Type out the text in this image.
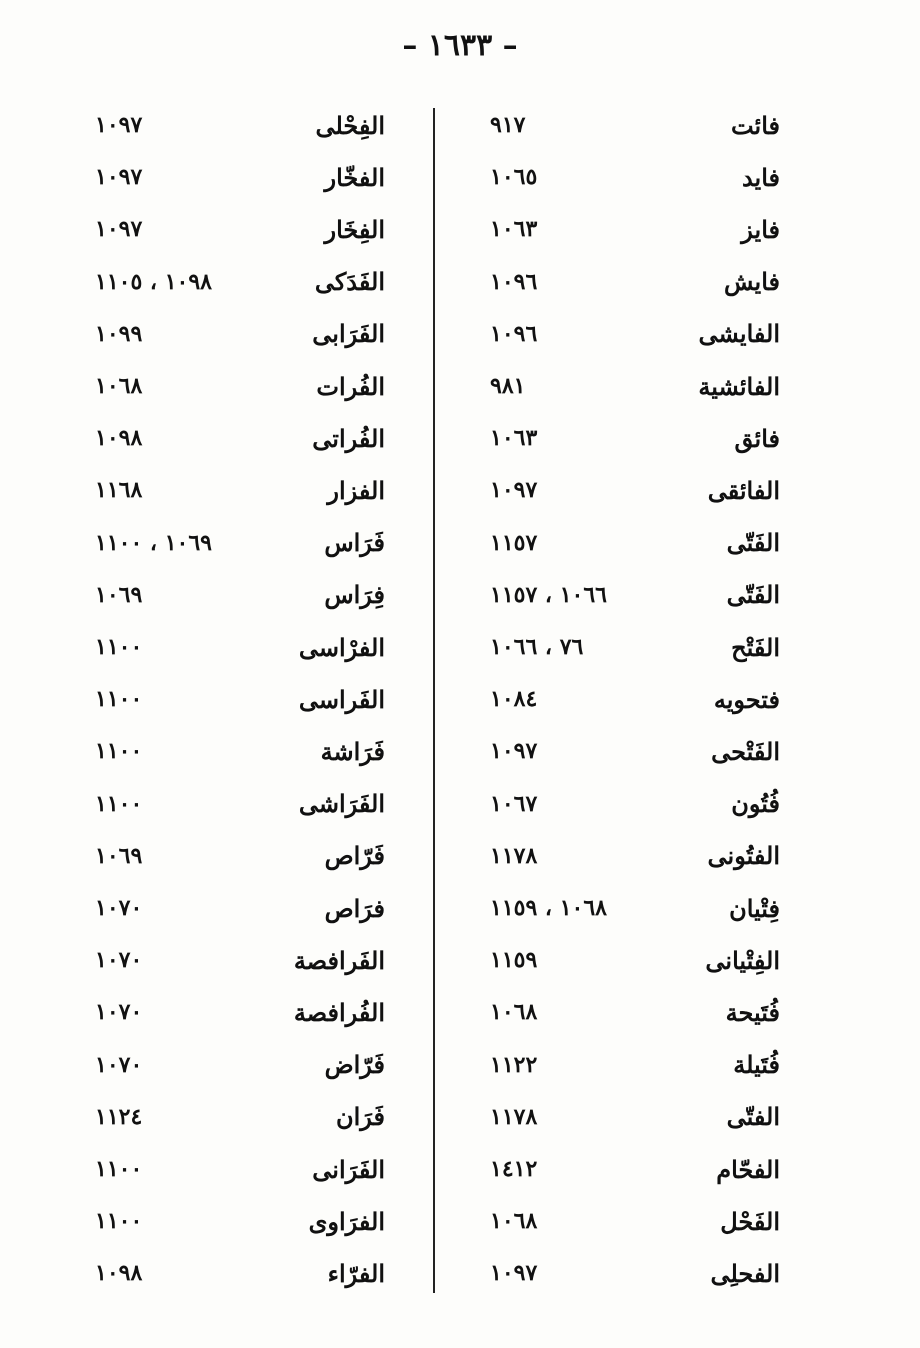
– ١٦٣٣ –
٩١٧	فائت
١٠٦٥	فايد
١٠٦٣	فايز
١٠٩٦	فايش
١٠٩٦	الفايشى
٩٨١	الفائشية
١٠٦٣	فائق
١٠٩٧	الفائقى
١١٥٧	الفَتّى
١٠٦٦ ، ١١٥٧	الفَتّى
٧٦ ، ١٠٦٦	الفَتْح
١٠٨٤	فتحويه
١٠٩٧	الفَتْحى
١٠٦٧	فُتُون
١١٧٨	الفتُونى
١٠٦٨ ، ١١٥٩	فِتْيان
١١٥٩	الفِتْيانى
١٠٦٨	فُتَيحة
١١٢٢	فُتَيلة
١١٧٨	الفتّى
١٤١٢	الفحّام
١٠٦٨	الفَحْل
١٠٩٧	الفحلِى
١٠٩٧	الفِحْلى
١٠٩٧	الفخّار
١٠٩٧	الفِخَار
١٠٩٨ ، ١١٠٥	الفَدَكى
١٠٩٩	الفَرَابى
١٠٦٨	الفُرات
١٠٩٨	الفُراتى
١١٦٨	الفزار
١٠٦٩ ، ١١٠٠	فَرَاس
١٠٦٩	فِرَاس
١١٠٠	الفرْاسى
١١٠٠	الفَراسى
١١٠٠	فَرَاشة
١١٠٠	الفَرَاشى
١٠٦٩	فَرّاص
١٠٧٠	فرَاص
١٠٧٠	الفَرافصة
١٠٧٠	الفُرافصة
١٠٧٠	فَرّاض
١١٢٤	فَرَان
١١٠٠	الفَرَانى
١١٠٠	الفرَاوى
١٠٩٨	الفرّاء
